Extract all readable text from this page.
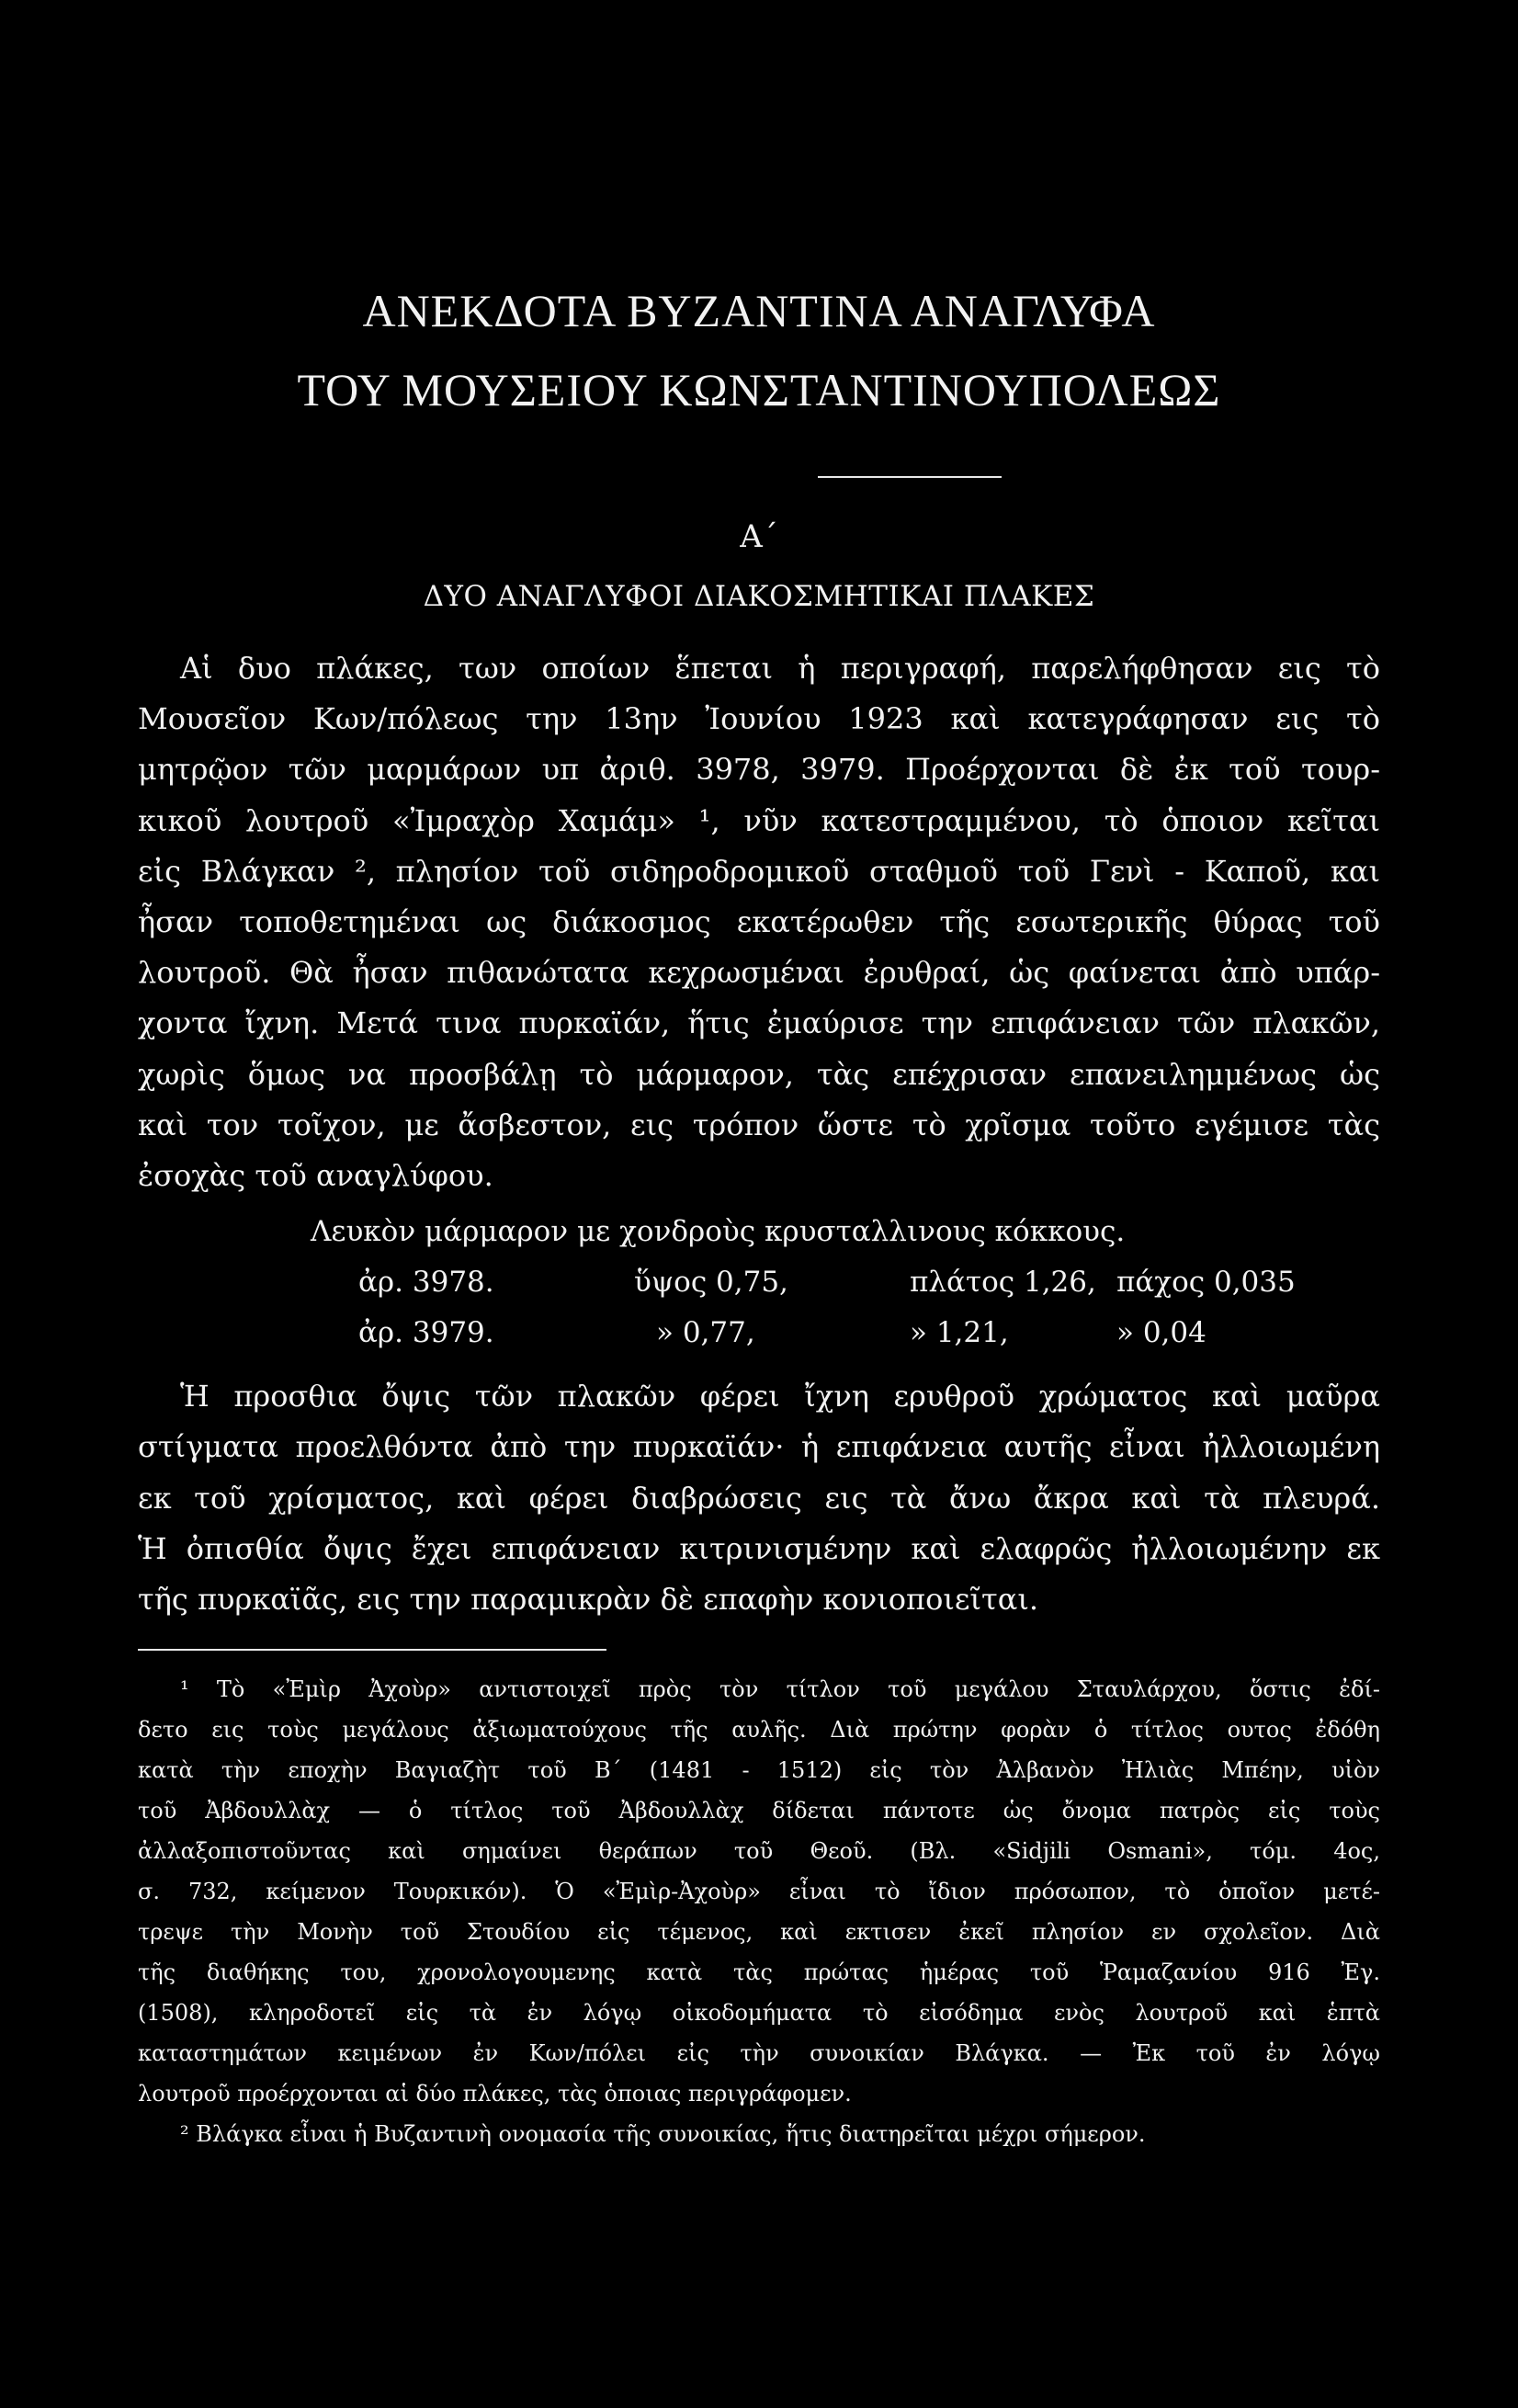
ΑΝΕΚΔΟΤΑ ΒΥΖΑΝΤΙΝΑ ΑΝΑΓΛΥΦΑ
ΤΟΥ ΜΟΥΣΕΙΟΥ ΚΩΝΣΤΑΝΤΙΝΟΥΠΟΛΕΩΣ
Α΄
ΔΥΟ ΑΝΑΓΛΥΦΟΙ ΔΙΑΚΟΣΜΗΤΙΚΑΙ ΠΛΑΚΕΣ
Αἱ δυο πλάκες, των οποίων ἕπεται ἡ περιγραφή, παρελήφθησαν εις τὸ
Μουσεῖον Κων/πόλεως την 13ην Ἰουνίου 1923 καὶ κατεγράφησαν εις τὸ
μητρῷον τῶν μαρμάρων υπ ἀριθ. 3978, 3979. Προέρχονται δὲ ἐκ τοῦ τουρ-
κικοῦ λουτροῦ «Ἰμραχὸρ Χαμάμ» ¹, νῦν κατεστραμμένου, τὸ ὁποιον κεῖται
εἰς Βλάγκαν ², πλησίον τοῦ σιδηροδρομικοῦ σταθμοῦ τοῦ Γενὶ - Καποῦ, και
ἦσαν τοποθετημέναι ως διάκοσμος εκατέρωθεν τῆς εσωτερικῆς θύρας τοῦ
λουτροῦ. Θὰ ἦσαν πιθανώτατα κεχρωσμέναι ἐρυθραί, ὡς φαίνεται ἀπὸ υπάρ-
χοντα ἴχνη. Μετά τινα πυρκαϊάν, ἥτις ἐμαύρισε την επιφάνειαν τῶν πλακῶν,
χωρὶς ὅμως να προσβάλῃ τὸ μάρμαρον, τὰς επέχρισαν επανειλημμένως ὡς
καὶ τον τοῖχον, με ἄσβεστον, εις τρόπον ὥστε τὸ χρῖσμα τοῦτο εγέμισε τὰς
ἐσοχὰς τοῦ αναγλύφου.
Λευκὸν μάρμαρον με χονδροὺς κρυσταλλινους κόκκους.
ἀρ. 3978.	ὕψος 0,75,	πλάτος 1,26, πάχος 0,035
ἀρ. 3979.	» 0,77,	» 1,21,	» 0,04
Ἡ προσθια ὄψις τῶν πλακῶν φέρει ἴχνη ερυθροῦ χρώματος καὶ μαῦρα
στίγματα προελθόντα ἀπὸ την πυρκαϊάν· ἡ επιφάνεια αυτῆς εἶναι ἠλλοιωμένη
εκ τοῦ χρίσματος, καὶ φέρει διαβρώσεις εις τὰ ἄνω ἄκρα καὶ τὰ πλευρά.
Ἡ ὀπισθία ὄψις ἔχει επιφάνειαν κιτρινισμένην καὶ ελαφρῶς ἠλλοιωμένην εκ
τῆς πυρκαϊᾶς, εις την παραμικρὰν δὲ επαφὴν κονιοποιεῖται.
¹ Τὸ «Ἐμὶρ Ἀχοὺρ» αντιστοιχεῖ πρὸς τὸν τίτλον τοῦ μεγάλου Σταυλάρχου, ὅστις ἐδί-
δετο εις τοὺς μεγάλους ἀξιωματούχους τῆς αυλῆς. Διὰ πρώτην φορὰν ὁ τίτλος ουτος ἐδόθη
κατὰ τὴν εποχὴν Βαγιαζὴτ τοῦ Β΄ (1481 - 1512) εἰς τὸν Ἀλβανὸν Ἠλιὰς Μπέην, υἱὸν
τοῦ Ἀβδουλλὰχ — ὁ τίτλος τοῦ Ἀβδουλλὰχ δίδεται πάντοτε ὡς ὄνομα πατρὸς εἰς τοὺς
ἀλλαξοπιστοῦντας καὶ σημαίνει θεράπων τοῦ Θεοῦ. (Βλ. «Sidjili Osmani», τόμ. 4ος,
σ. 732, κείμενον Τουρκικόν). Ὁ «Ἐμὶρ-Ἀχοὺρ» εἶναι τὸ ἴδιον πρόσωπον, τὸ ὁποῖον μετέ-
τρεψε τὴν Μονὴν τοῦ Στουδίου εἰς τέμενος, καὶ εκτισεν ἐκεῖ πλησίον εν σχολεῖον. Διὰ
τῆς διαθήκης του, χρονολογουμενης κατὰ τὰς πρώτας ἡμέρας τοῦ Ῥαμαζανίου 916 Ἐγ.
(1508), κληροδοτεῖ εἰς τὰ ἐν λόγῳ οἰκοδομήματα τὸ εἰσόδημα ενὸς λουτροῦ καὶ ἑπτὰ
καταστημάτων κειμένων ἐν Κων/πόλει εἰς τὴν συνοικίαν Βλάγκα. — Ἐκ τοῦ ἐν λόγῳ
λουτροῦ προέρχονται αἱ δύο πλάκες, τὰς ὁποιας περιγράφομεν.
² Βλάγκα εἶναι ἡ Βυζαντινὴ ονομασία τῆς συνοικίας, ἥτις διατηρεῖται μέχρι σήμερον.
